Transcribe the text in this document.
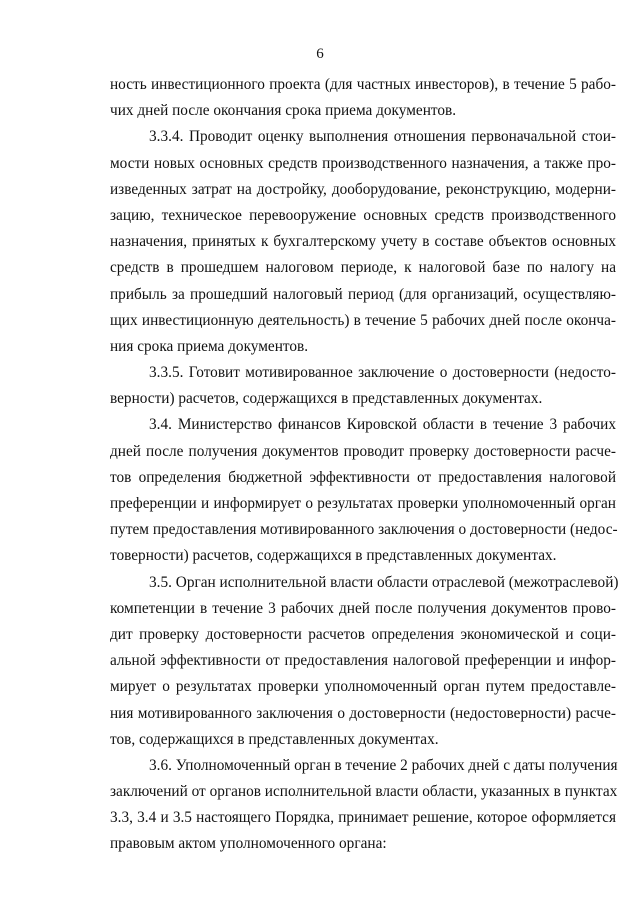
6
ность инвестиционного проекта (для частных инвесторов), в течение 5 рабо-
чих дней после окончания срока приема документов.
3.3.4. Проводит оценку выполнения отношения первоначальной стои-
мости новых основных средств производственного назначения, а также про-
изведенных затрат на достройку, дооборудование, реконструкцию, модерни-
зацию, техническое перевооружение основных средств производственного
назначения, принятых к бухгалтерскому учету в составе объектов основных
средств в прошедшем налоговом периоде, к налоговой базе по налогу на
прибыль за прошедший налоговый период (для организаций, осуществляю-
щих инвестиционную деятельность) в течение 5 рабочих дней после оконча-
ния срока приема документов.
3.3.5. Готовит мотивированное заключение о достоверности (недосто-
верности) расчетов, содержащихся в представленных документах.
3.4. Министерство финансов Кировской области в течение 3 рабочих
дней после получения документов проводит проверку достоверности расче-
тов определения бюджетной эффективности от предоставления налоговой
преференции и информирует о результатах проверки уполномоченный орган
путем предоставления мотивированного заключения о достоверности (недос-
товерности) расчетов, содержащихся в представленных документах.
3.5. Орган исполнительной власти области отраслевой (межотраслевой)
компетенции в течение 3 рабочих дней после получения документов прово-
дит проверку достоверности расчетов определения экономической и соци-
альной эффективности от предоставления налоговой преференции и инфор-
мирует о результатах проверки уполномоченный орган путем предоставле-
ния мотивированного заключения о достоверности (недостоверности) расче-
тов, содержащихся в представленных документах.
3.6. Уполномоченный орган в течение 2 рабочих дней с даты получения
заключений от органов исполнительной власти области, указанных в пунктах
3.3, 3.4 и 3.5 настоящего Порядка, принимает решение, которое оформляется
правовым актом уполномоченного органа:
